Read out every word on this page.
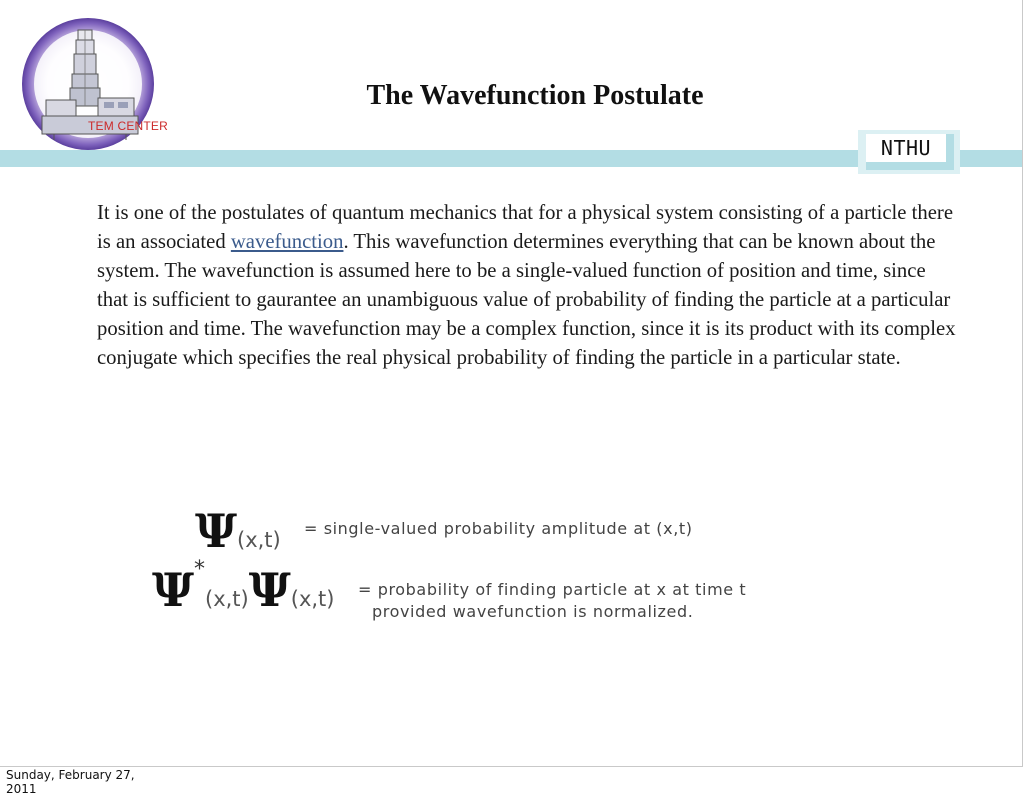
TEM CENTER
The Wavefunction Postulate
NTHU
It is one of the postulates of quantum mechanics that for a physical system consisting of a particle there is an associated wavefunction. This wavefunction determines everything that can be known about the system. The wavefunction is assumed here to be a single-valued function of position and time, since that is sufficient to gaurantee an unambiguous value of probability of finding the particle at a particular position and time. The wavefunction may be a complex function, since it is its product with its complex conjugate which specifies the real physical probability of finding the particle in a particular state.
Ψ(x,t) = single-valued probability amplitude at (x,t)
Ψ*(x,t)Ψ(x,t) = probability of finding particle at x at time t
provided wavefunction is normalized.
Sunday, February 27,
2011
